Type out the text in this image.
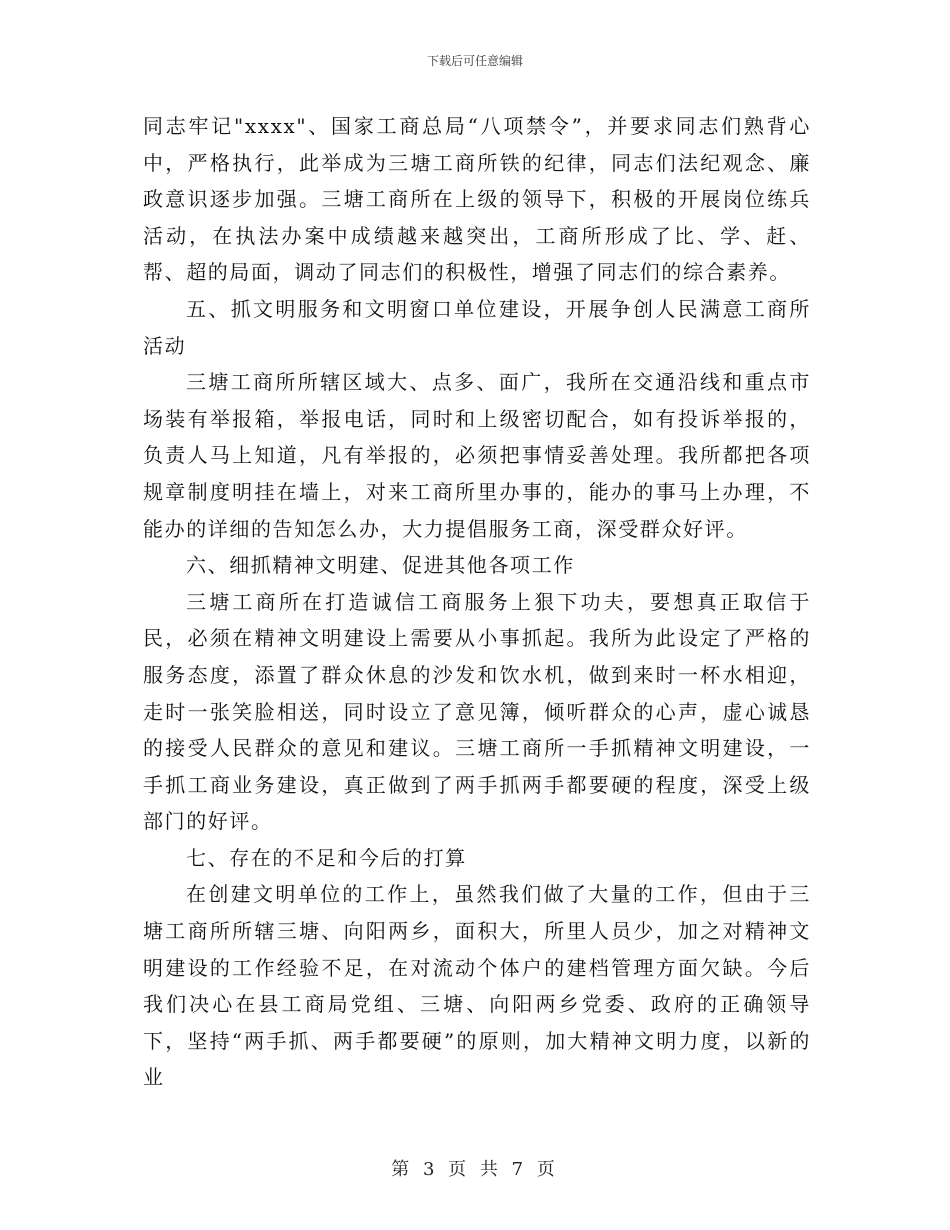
下载后可任意编辑

同志牢记"xxxx"、国家工商总局“八项禁令”，并要求同志们熟背心中，严格执行，此举成为三塘工商所铁的纪律，同志们法纪观念、廉政意识逐步加强。三塘工商所在上级的领导下，积极的开展岗位练兵活动，在执法办案中成绩越来越突出，工商所形成了比、学、赶、帮、超的局面，调动了同志们的积极性，增强了同志们的综合素养。

五、抓文明服务和文明窗口单位建设，开展争创人民满意工商所活动

三塘工商所所辖区域大、点多、面广，我所在交通沿线和重点市场装有举报箱，举报电话，同时和上级密切配合，如有投诉举报的，负责人马上知道，凡有举报的，必须把事情妥善处理。我所都把各项规章制度明挂在墙上，对来工商所里办事的，能办的事马上办理，不能办的详细的告知怎么办，大力提倡服务工商，深受群众好评。

六、细抓精神文明建、促进其他各项工作

三塘工商所在打造诚信工商服务上狠下功夫，要想真正取信于民，必须在精神文明建设上需要从小事抓起。我所为此设定了严格的服务态度，添置了群众休息的沙发和饮水机，做到来时一杯水相迎，走时一张笑脸相送，同时设立了意见簿，倾听群众的心声，虚心诚恳的接受人民群众的意见和建议。三塘工商所一手抓精神文明建设，一手抓工商业务建设，真正做到了两手抓两手都要硬的程度，深受上级部门的好评。

七、存在的不足和今后的打算

在创建文明单位的工作上，虽然我们做了大量的工作，但由于三塘工商所所辖三塘、向阳两乡，面积大，所里人员少，加之对精神文明建设的工作经验不足，在对流动个体户的建档管理方面欠缺。今后我们决心在县工商局党组、三塘、向阳两乡党委、政府的正确领导下，坚持“两手抓、两手都要硬”的原则，加大精神文明力度，以新的业

第 3 页 共 7 页
